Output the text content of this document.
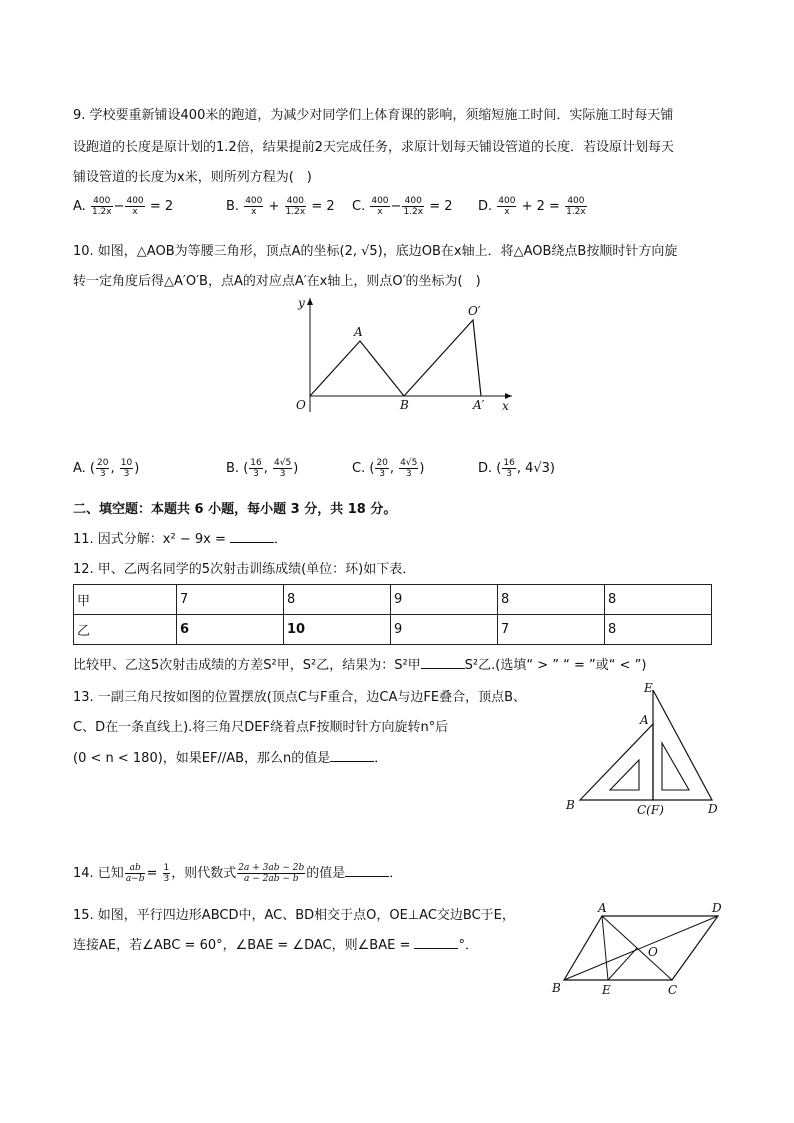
9. 学校要重新铺设400米的跑道，为减少对同学们上体育课的影响，须缩短施工时间．实际施工时每天铺
设跑道的长度是原计划的1.2倍，结果提前2天完成任务，求原计划每天铺设管道的长度．若设原计划每天
铺设管道的长度为x米，则所列方程为(　)
A. $\frac{400}{1.2x} - \frac{400}{x} = 2$	B. $\frac{400}{x} + \frac{400}{1.2x} = 2$ C. $\frac{400}{x} - \frac{400}{1.2x} = 2$ D. $\frac{400}{x} + 2 = \frac{400}{1.2x}$
10. 如图，△AOB为等腰三角形，顶点A的坐标(2, √5)，底边OB在x轴上．将△AOB绕点B按顺时针方向旋
转一定角度后得△A′O′B，点A的对应点A′在x轴上，则点O′的坐标为(　)
y
A
O′
O	B	A′ x
A. ( $\frac{20}{3}$ , $\frac{10}{3}$ )	B. ( $\frac{16}{3}$ , $\frac{4√5}{3}$ )	C. ( $\frac{20}{3}$ , $\frac{4√5}{3}$ )	D. ( $\frac{16}{3}$ , 4√3)
二、填空题：本题共 6 小题，每小题 3 分，共 18 分。
11. 因式分解：x² − 9x =	．
12. 甲、乙两名同学的5次射击训练成绩(单位：环)如下表．
甲	7	8	9	8	8
乙	6	10	9	7	8
比较甲、乙这5次射击成绩的方差S²甲，S²乙，结果为：S²甲	S²乙.(选填“ > ” “ = ”或“ < ”)
13. 一副三角尺按如图的位置摆放(顶点C与F重合，边CA与边FE叠合，顶点B、
C、D在一条直线上).将三角尺DEF绕着点F按顺时针方向旋转n°后
(0 < n < 180)，如果EF//AB，那么n的值是	．
E
A
B	C(F)	D
14. 已知 $\frac{ab}{a-b} = \frac{1}{3}$ ，则代数式 $\frac{2a + 3ab - 2b}{a - 2ab - b}$ 的值是	．
15. 如图，平行四边形ABCD中，AC、BD相交于点O，OE⊥AC交边BC于E，
连接AE，若∠ABC = 60°，∠BAE = ∠DAC，则∠BAE =	°．
A	D
O
B	E	C
